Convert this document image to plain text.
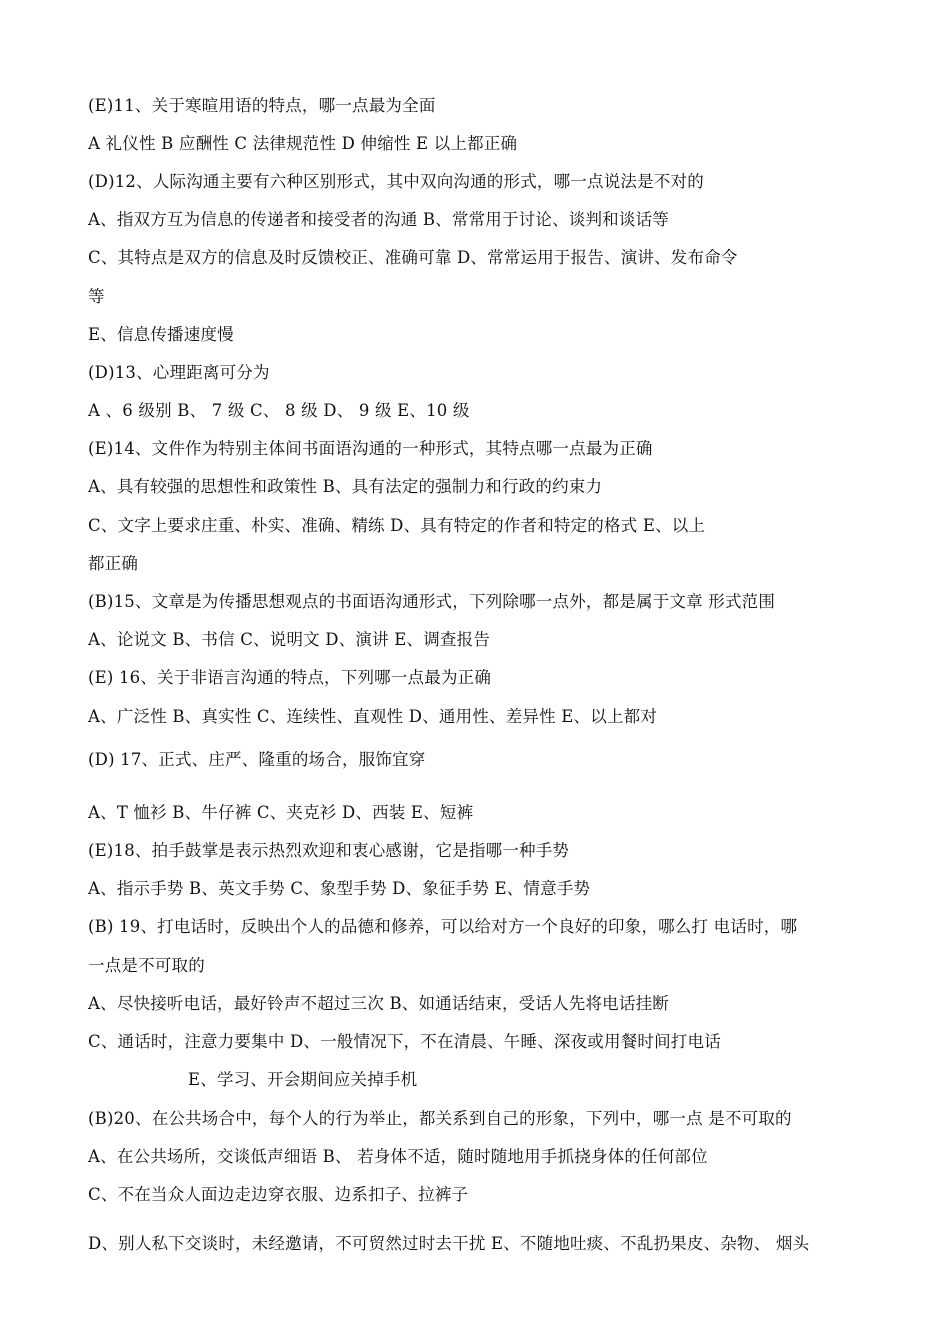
(E)11、关于寒暄用语的特点，哪一点最为全面
A 礼仪性 B 应酬性 C 法律规范性 D 伸缩性 E 以上都正确
(D)12、人际沟通主要有六种区别形式，其中双向沟通的形式，哪一点说法是不对的
A、指双方互为信息的传递者和接受者的沟通 B、常常用于讨论、谈判和谈话等
C、其特点是双方的信息及时反馈校正、准确可靠 D、常常运用于报告、演讲、发布命令
等
E、信息传播速度慢
(D)13、心理距离可分为
A 、6 级别 B、 7 级 C、 8 级 D、 9 级 E、10 级
(E)14、文件作为特别主体间书面语沟通的一种形式，其特点哪一点最为正确
A、具有较强的思想性和政策性 B、具有法定的强制力和行政的约束力
C、文字上要求庄重、朴实、准确、精练 D、具有特定的作者和特定的格式 E、以上
都正确
(B)15、文章是为传播思想观点的书面语沟通形式，下列除哪一点外，都是属于文章 形式范围
A、论说文 B、书信 C、说明文 D、演讲 E、调查报告
(E) 16、关于非语言沟通的特点，下列哪一点最为正确
A、广泛性 B、真实性 C、连续性、直观性 D、通用性、差异性 E、以上都对
(D) 17、正式、庄严、隆重的场合，服饰宜穿
A、T 恤衫 B、牛仔裤 C、夹克衫 D、西装 E、短裤
(E)18、拍手鼓掌是表示热烈欢迎和衷心感谢，它是指哪一种手势
A、指示手势 B、英文手势 C、象型手势 D、象征手势 E、情意手势
(B) 19、打电话时，反映出个人的品德和修养，可以给对方一个良好的印象，哪么打 电话时，哪
一点是不可取的
A、尽快接听电话，最好铃声不超过三次 B、如通话结束，受话人先将电话挂断
C、通话时，注意力要集中 D、一般情况下，不在清晨、午睡、深夜或用餐时间打电话
E、学习、开会期间应关掉手机
(B)20、在公共场合中，每个人的行为举止，都关系到自己的形象，下列中，哪一点 是不可取的
A、在公共场所，交谈低声细语 B、 若身体不适，随时随地用手抓挠身体的任何部位
C、不在当众人面边走边穿衣服、边系扣子、拉裤子
D、别人私下交谈时，未经邀请，不可贸然过时去干扰 E、不随地吐痰、不乱扔果皮、杂物、 烟头
